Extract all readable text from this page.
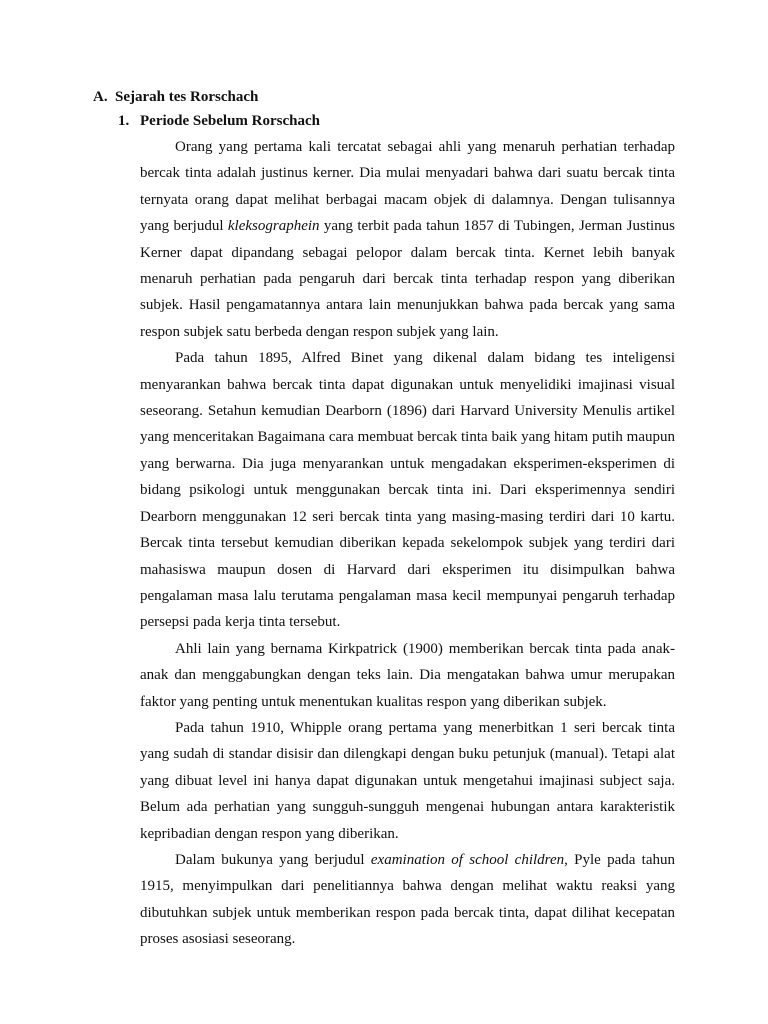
A. Sejarah tes Rorschach
1. Periode Sebelum Rorschach

Orang yang pertama kali tercatat sebagai ahli yang menaruh perhatian terhadap bercak tinta adalah justinus kerner. Dia mulai menyadari bahwa dari suatu bercak tinta ternyata orang dapat melihat berbagai macam objek di dalamnya. Dengan tulisannya yang berjudul kleksographein yang terbit pada tahun 1857 di Tubingen, Jerman Justinus Kerner dapat dipandang sebagai pelopor dalam bercak tinta. Kernet lebih banyak menaruh perhatian pada pengaruh dari bercak tinta terhadap respon yang diberikan subjek. Hasil pengamatannya antara lain menunjukkan bahwa pada bercak yang sama respon subjek satu berbeda dengan respon subjek yang lain.

Pada tahun 1895, Alfred Binet yang dikenal dalam bidang tes inteligensi menyarankan bahwa bercak tinta dapat digunakan untuk menyelidiki imajinasi visual seseorang. Setahun kemudian Dearborn (1896) dari Harvard University Menulis artikel yang menceritakan Bagaimana cara membuat bercak tinta baik yang hitam putih maupun yang berwarna. Dia juga menyarankan untuk mengadakan eksperimen-eksperimen di bidang psikologi untuk menggunakan bercak tinta ini. Dari eksperimennya sendiri Dearborn menggunakan 12 seri bercak tinta yang masing-masing terdiri dari 10 kartu. Bercak tinta tersebut kemudian diberikan kepada sekelompok subjek yang terdiri dari mahasiswa maupun dosen di Harvard dari eksperimen itu disimpulkan bahwa pengalaman masa lalu terutama pengalaman masa kecil mempunyai pengaruh terhadap persepsi pada kerja tinta tersebut.

Ahli lain yang bernama Kirkpatrick (1900) memberikan bercak tinta pada anak-anak dan menggabungkan dengan teks lain. Dia mengatakan bahwa umur merupakan faktor yang penting untuk menentukan kualitas respon yang diberikan subjek.

Pada tahun 1910, Whipple orang pertama yang menerbitkan 1 seri bercak tinta yang sudah di standar disisir dan dilengkapi dengan buku petunjuk (manual). Tetapi alat yang dibuat level ini hanya dapat digunakan untuk mengetahui imajinasi subject saja. Belum ada perhatian yang sungguh-sungguh mengenai hubungan antara karakteristik kepribadian dengan respon yang diberikan.

Dalam bukunya yang berjudul examination of school children, Pyle pada tahun 1915, menyimpulkan dari penelitiannya bahwa dengan melihat waktu reaksi yang dibutuhkan subjek untuk memberikan respon pada bercak tinta, dapat dilihat kecepatan proses asosiasi seseorang.
